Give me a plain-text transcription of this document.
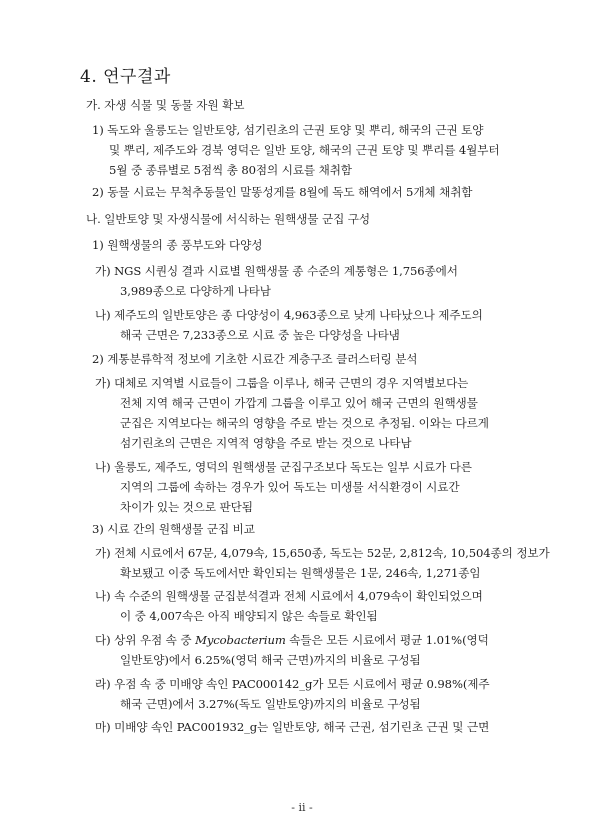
4. 연구결과
가. 자생 식물 및 동물 자원 확보
1) 독도와 울릉도는 일반토양, 섬기린초의 근권 토양 및 뿌리, 해국의 근권 토양
및 뿌리, 제주도와 경북 영덕은 일반 토양, 해국의 근권 토양 및 뿌리를 4월부터
5월 중 종류별로 5점씩 총 80점의 시료를 채취함
2) 동물 시료는 무척추동물인 말똥성게를 8월에 독도 해역에서 5개체 채취함
나. 일반토양 및 자생식물에 서식하는 원핵생물 군집 구성
1) 원핵생물의 종 풍부도와 다양성
가) NGS 시퀀싱 결과 시료별 원핵생물 종 수준의 계통형은 1,756종에서
3,989종으로 다양하게 나타남
나) 제주도의 일반토양은 종 다양성이 4,963종으로 낮게 나타났으나 제주도의
해국 근면은 7,233종으로 시료 중 높은 다양성을 나타냄
2) 계통분류학적 정보에 기초한 시료간 계층구조 클러스터링 분석
가) 대체로 지역별 시료들이 그룹을 이루나, 해국 근면의 경우 지역별보다는
전체 지역 해국 근면이 가깝게 그룹을 이루고 있어 해국 근면의 원핵생물
군집은 지역보다는 해국의 영향을 주로 받는 것으로 추정됨. 이와는 다르게
섬기린초의 근면은 지역적 영향을 주로 받는 것으로 나타남
나) 울릉도, 제주도, 영덕의 원핵생물 군집구조보다 독도는 일부 시료가 다른
지역의 그룹에 속하는 경우가 있어 독도는 미생물 서식환경이 시료간
차이가 있는 것으로 판단됨
3) 시료 간의 원핵생물 군집 비교
가) 전체 시료에서 67문, 4,079속, 15,650종, 독도는 52문, 2,812속, 10,504종의 정보가
확보됐고 이중 독도에서만 확인되는 원핵생물은 1문, 246속, 1,271종임
나) 속 수준의 원핵생물 군집분석결과 전체 시료에서 4,079속이 확인되었으며
이 중 4,007속은 아직 배양되지 않은 속들로 확인됨
다) 상위 우점 속 중 Mycobacterium 속들은 모든 시료에서 평균 1.01%(영덕
일반토양)에서 6.25%(영덕 해국 근면)까지의 비율로 구성됨
라) 우점 속 중 미배양 속인 PAC000142_g가 모든 시료에서 평균 0.98%(제주
해국 근면)에서 3.27%(독도 일반토양)까지의 비율로 구성됨
마) 미배양 속인 PAC001932_g는 일반토양, 해국 근권, 섬기린초 근권 및 근면
- ii -
